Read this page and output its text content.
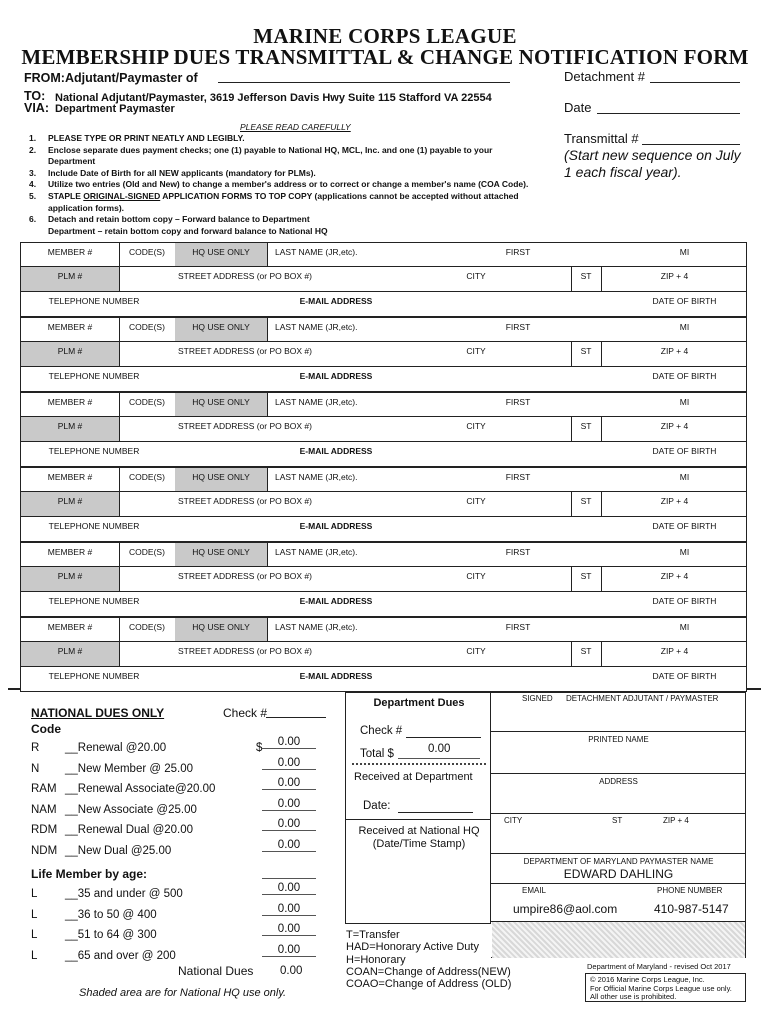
MARINE CORPS LEAGUE
MEMBERSHIP DUES TRANSMITTAL & CHANGE NOTIFICATION FORM
FROM:Adjutant/Paymaster of	Detachment #
TO: National Adjutant/Paymaster, 3619 Jefferson Davis Hwy Suite 115 Stafford VA 22554
VIA: Department Paymaster	Date
PLEASE READ CAREFULLY
1. PLEASE TYPE OR PRINT NEATLY AND LEGIBLY.
2. Enclose separate dues payment checks; one (1) payable to National HQ, MCL, Inc. and one (1) payable to your
Department
3. Include Date of Birth for all NEW applicants (mandatory for PLMs).
4. Utilize two entries (Old and New) to change a member's address or to correct or change a member's name (COA Code).
5. STAPLE ORIGINAL-SIGNED APPLICATION FORMS TO TOP COPY (applications cannot be accepted without attached
application forms).
6. Detach and retain bottom copy – Forward balance to Department
Department – retain bottom copy and forward balance to National HQ
Transmittal #
(Start new sequence on July 1 each fiscal year).
MEMBER #	CODE(S)	HQ USE ONLY	LAST NAME (JR,etc).	FIRST	MI
PLM #	STREET ADDRESS (or PO BOX #)	CITY	ST	ZIP + 4
TELEPHONE NUMBER	E-MAIL ADDRESS	DATE OF BIRTH
MEMBER #	CODE(S)	HQ USE ONLY	LAST NAME (JR,etc).	FIRST	MI
PLM #	STREET ADDRESS (or PO BOX #)	CITY	ST	ZIP + 4
TELEPHONE NUMBER	E-MAIL ADDRESS	DATE OF BIRTH
MEMBER #	CODE(S)	HQ USE ONLY	LAST NAME (JR,etc).	FIRST	MI
PLM #	STREET ADDRESS (or PO BOX #)	CITY	ST	ZIP + 4
TELEPHONE NUMBER	E-MAIL ADDRESS	DATE OF BIRTH
MEMBER #	CODE(S)	HQ USE ONLY	LAST NAME (JR,etc).	FIRST	MI
PLM #	STREET ADDRESS (or PO BOX #)	CITY	ST	ZIP + 4
TELEPHONE NUMBER	E-MAIL ADDRESS	DATE OF BIRTH
MEMBER #	CODE(S)	HQ USE ONLY	LAST NAME (JR,etc).	FIRST	MI
PLM #	STREET ADDRESS (or PO BOX #)	CITY	ST	ZIP + 4
TELEPHONE NUMBER	E-MAIL ADDRESS	DATE OF BIRTH
MEMBER #	CODE(S)	HQ USE ONLY	LAST NAME (JR,etc).	FIRST	MI
PLM #	STREET ADDRESS (or PO BOX #)	CITY	ST	ZIP + 4
TELEPHONE NUMBER	E-MAIL ADDRESS	DATE OF BIRTH
NATIONAL DUES ONLY	Check #
Code
R __Renewal @20.00	$	0.00
N __New Member @ 25.00	0.00
RAM __Renewal Associate@20.00	0.00
NAM __New Associate @25.00	0.00
RDM __Renewal Dual @20.00	0.00
NDM __New Dual @25.00	0.00
Life Member by age:
L __35 and under @ 500	0.00
L __36 to 50 @ 400	0.00
L __51 to 64 @ 300	0.00
L __65 and over @ 200	0.00
National Dues 0.00
Shaded area are for National HQ use only.
Department Dues
Check #
Total $	0.00
Received at Department
Date:
Received at National HQ
(Date/Time Stamp)
T=Transfer
HAD=Honorary Active Duty
H=Honorary
COAN=Change of Address(NEW)
COAO=Change of Address (OLD)
SIGNED DETACHMENT ADJUTANT / PAYMASTER
PRINTED NAME
ADDRESS
CITY	ST	ZIP + 4
DEPARTMENT OF MARYLAND PAYMASTER NAME
EDWARD DAHLING
EMAIL	PHONE NUMBER
umpire86@aol.com	410-987-5147
Department of Maryland - revised Oct 2017
© 2016 Marine Corps League, Inc.
For Official Marine Corps League use only.
All other use is prohibited.
